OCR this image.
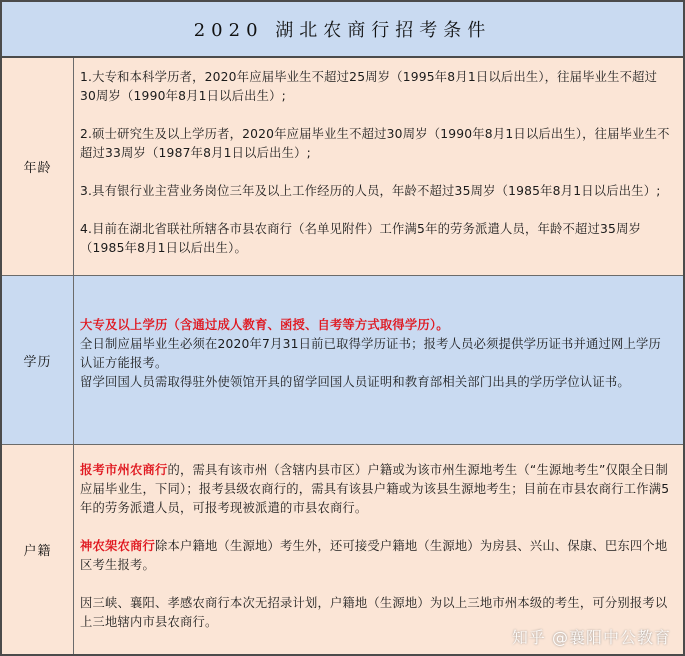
2020 湖北农商行招考条件
年龄

1.大专和本科学历者，2020年应届毕业生不超过25周岁（1995年8月1日以后出生），往届毕业生不超过30周岁（1990年8月1日以后出生）;

2.硕士研究生及以上学历者，2020年应届毕业生不超过30周岁（1990年8月1日以后出生），往届毕业生不超过33周岁（1987年8月1日以后出生）;

3.具有银行业主营业务岗位三年及以上工作经历的人员，年龄不超过35周岁（1985年8月1日以后出生）;

4.目前在湖北省联社所辖各市县农商行（名单见附件）工作满5年的劳务派遣人员，年龄不超过35周岁（1985年8月1日以后出生）。

学历

大专及以上学历（含通过成人教育、函授、自考等方式取得学历）。

全日制应届毕业生必须在2020年7月31日前已取得学历证书；报考人员必须提供学历证书并通过网上学历认证方能报考。

留学回国人员需取得驻外使领馆开具的留学回国人员证明和教育部相关部门出具的学历学位认证书。

户籍

报考市州农商行的，需具有该市州（含辖内县市区）户籍或为该市州生源地考生（“生源地考生”仅限全日制应届毕业生，下同）；报考县级农商行的，需具有该县户籍或为该县生源地考生；目前在市县农商行工作满5年的劳务派遣人员，可报考现被派遣的市县农商行。

神农架农商行除本户籍地（生源地）考生外，还可接受户籍地（生源地）为房县、兴山、保康、巴东四个地区考生报考。

因三峡、襄阳、孝感农商行本次无招录计划，户籍地（生源地）为以上三地市州本级的考生，可分别报考以上三地辖内市县农商行。

知乎 @襄阳中公教育
